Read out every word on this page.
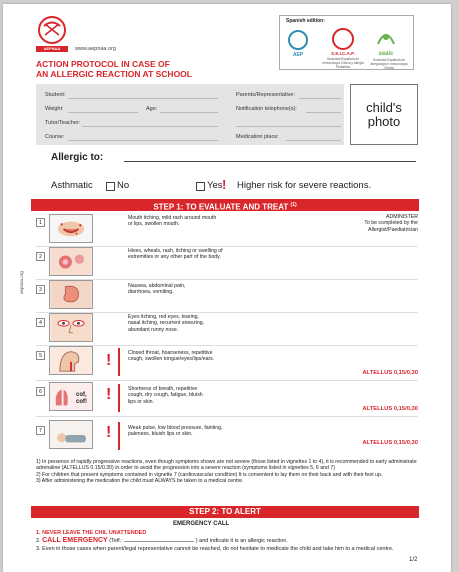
AEPNAA	www.aepnaa.org
ACTION PROTOCOL IN CASE OF
AN ALLERGIC REACTION AT SCHOOL
Spanish edition:
AEP	S.E.I.C.A.P.
Sociedad Española de Inmunología Clínica y Alergia Pediátrica
seaic
Sociedad Española de Alergología e Inmunología Clínica
Student:	Parents/Representative:
Weight:	Age:	Notification telephone(s):
Tutor/Teacher:
Course:	Medication place:
child's
photo
Allergic to:
Asthmatic	No	Yes ! Higher risk for severe reactions.
STEP 1: TO EVALUATE AND TREAT $^{(1)}$
aepnaa.org
ADMINISTER
To be completed by the
Allergist/Paediatrician
1
Mouth itching, mild rash around mouth
or lips, swollen mouth.
2
Hives, wheals, rash, itching or swelling of
extremities or any other part of the body.
3
Nausea, abdominal pain,
diarrhoea, vomiting.
4
Eyes itching, red eyes, tearing,
nasal itching, recurrent sneezing,
abundant runny nose.
5	!	Closed throat, hoarseness, repetitive
cough, swollen tongue/eyes/lips/ears.
ALTELLUS 0,15/0,30
6	cof,
cof! !	Shortness of breath, repetitive
cough, dry cough, fatigue, bluish
lips or skin.
ALTELLUS 0,15/0,30
7	!	Weak pulse, low blood pressure, fainting,
paleness, bluish lips or skin.
ALTELLUS 0,15/0,30
1) In presence of rapidly progressive reactions, even though symptoms shown are not severe (those listed in vignettes 1 to 4), it is recommended to early administrate adrenaline (ALTELLUS 0.15/0.30) in order to avoid the progression into a severe reaction (symptoms listed in vignettes 5, 6 and 7)
2) For children that present symptoms contained in vignette 7 (cardiovascular condition) It is convenient to lay them on their back and with their feet up.
3) After administering the medication the child must ALWAYS be taken to a medical centre.
STEP 2: TO ALERT
EMERGENCY CALL
1. NEVER LEAVE THE CHIL UNATTENDED
2. CALL EMERGENCY (Telf.:	) and indicate it is an allergic reaction.
3. Even in those cases when parent/legal representative cannot be reached, do not hesitate to medicate the child and take him to a medical centre.
1/2
